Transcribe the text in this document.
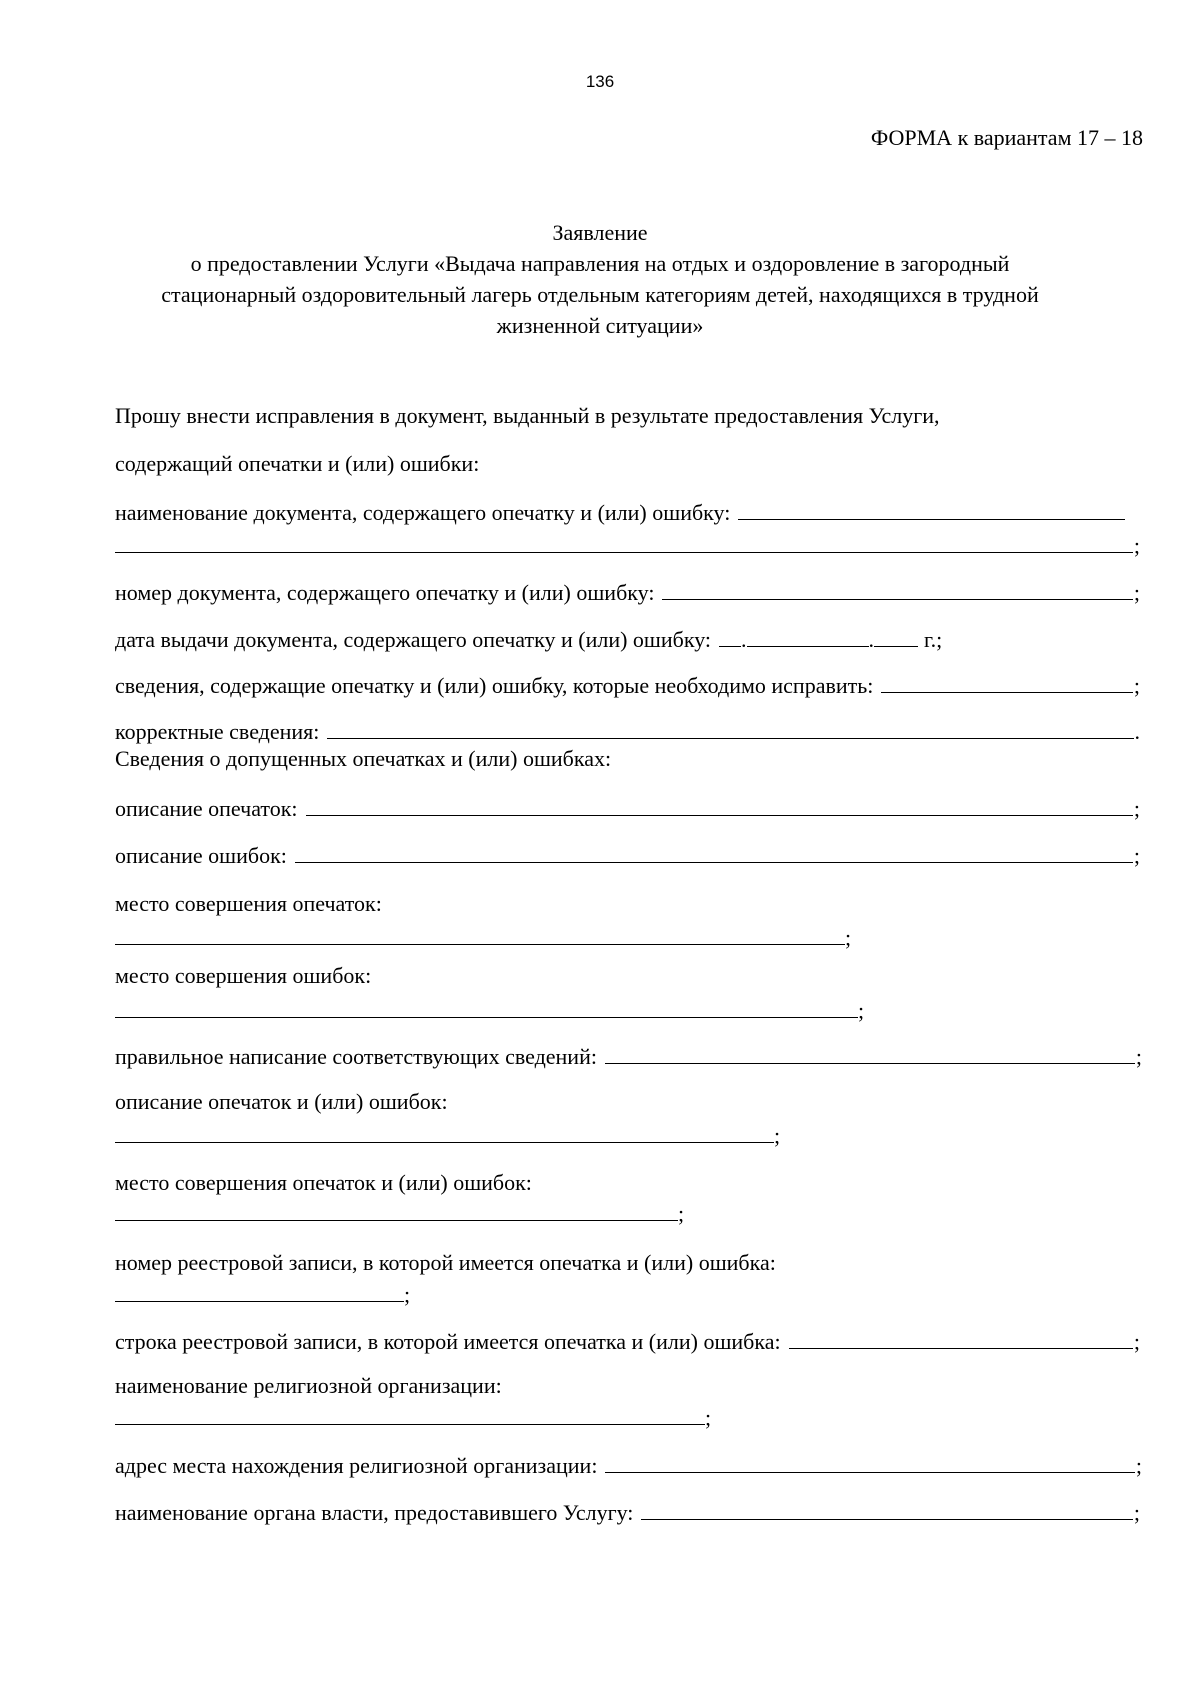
136
ФОРМА к вариантам 17 – 18
Заявление
о предоставлении Услуги «Выдача направления на отдых и оздоровление в загородный
стационарный оздоровительный лагерь отдельным категориям детей, находящихся в трудной
жизненной ситуации»
Прошу внести исправления в документ, выданный в результате предоставления Услуги,
содержащий опечатки и (или) ошибки:
наименование документа, содержащего опечатку и (или) ошибку:
;
номер документа, содержащего опечатку и (или) ошибку:	;
дата выдачи документа, содержащего опечатку и (или) ошибку: .	. г.;
сведения, содержащие опечатку и (или) ошибку, которые необходимо исправить:	;
корректные сведения:	.
Сведения о допущенных опечатках и (или) ошибках:
описание опечаток:	;
описание ошибок:	;
место совершения опечаток:
;
место совершения ошибок:
;
правильное написание соответствующих сведений:	;
описание опечаток и (или) ошибок:
;
место совершения опечаток и (или) ошибок:
;
номер реестровой записи, в которой имеется опечатка и (или) ошибка:
;
строка реестровой записи, в которой имеется опечатка и (или) ошибка:	;
наименование религиозной организации:
;
адрес места нахождения религиозной организации:	;
наименование органа власти, предоставившего Услугу:	;
